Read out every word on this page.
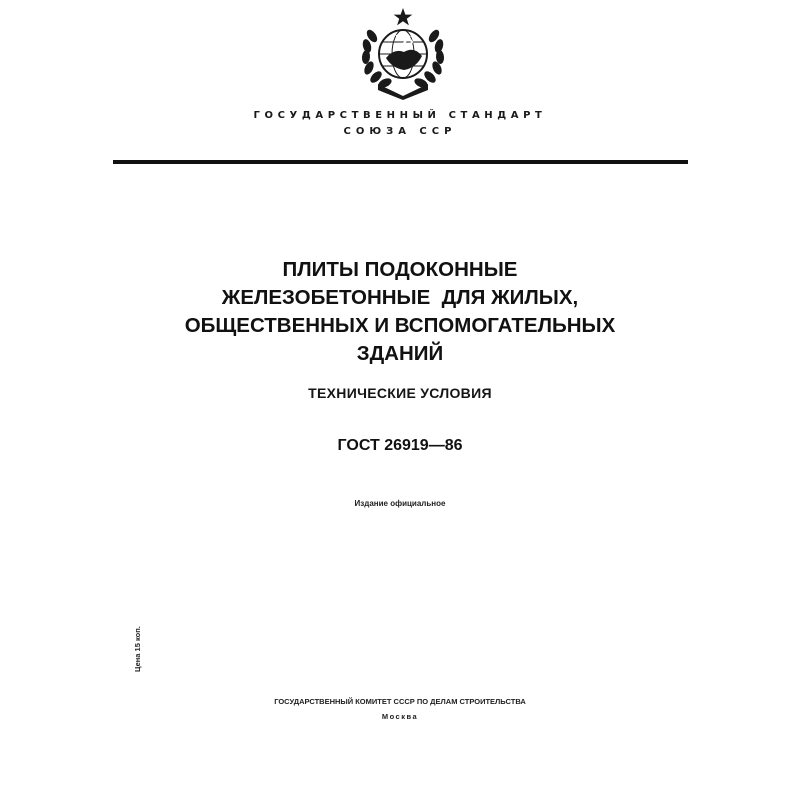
ГОСУДАРСТВЕННЫЙ СТАНДАРТ
СОЮЗА ССР
ПЛИТЫ ПОДОКОННЫЕ
ЖЕЛЕЗОБЕТОННЫЕ  ДЛЯ ЖИЛЫХ,
ОБЩЕСТВЕННЫХ И ВСПОМОГАТЕЛЬНЫХ
ЗДАНИЙ
ТЕХНИЧЕСКИЕ УСЛОВИЯ
ГОСТ 26919—86
Издание официальное
Цена 15 коп.
ГОСУДАРСТВЕННЫЙ КОМИТЕТ СССР ПО ДЕЛАМ СТРОИТЕЛЬСТВА
Москва
